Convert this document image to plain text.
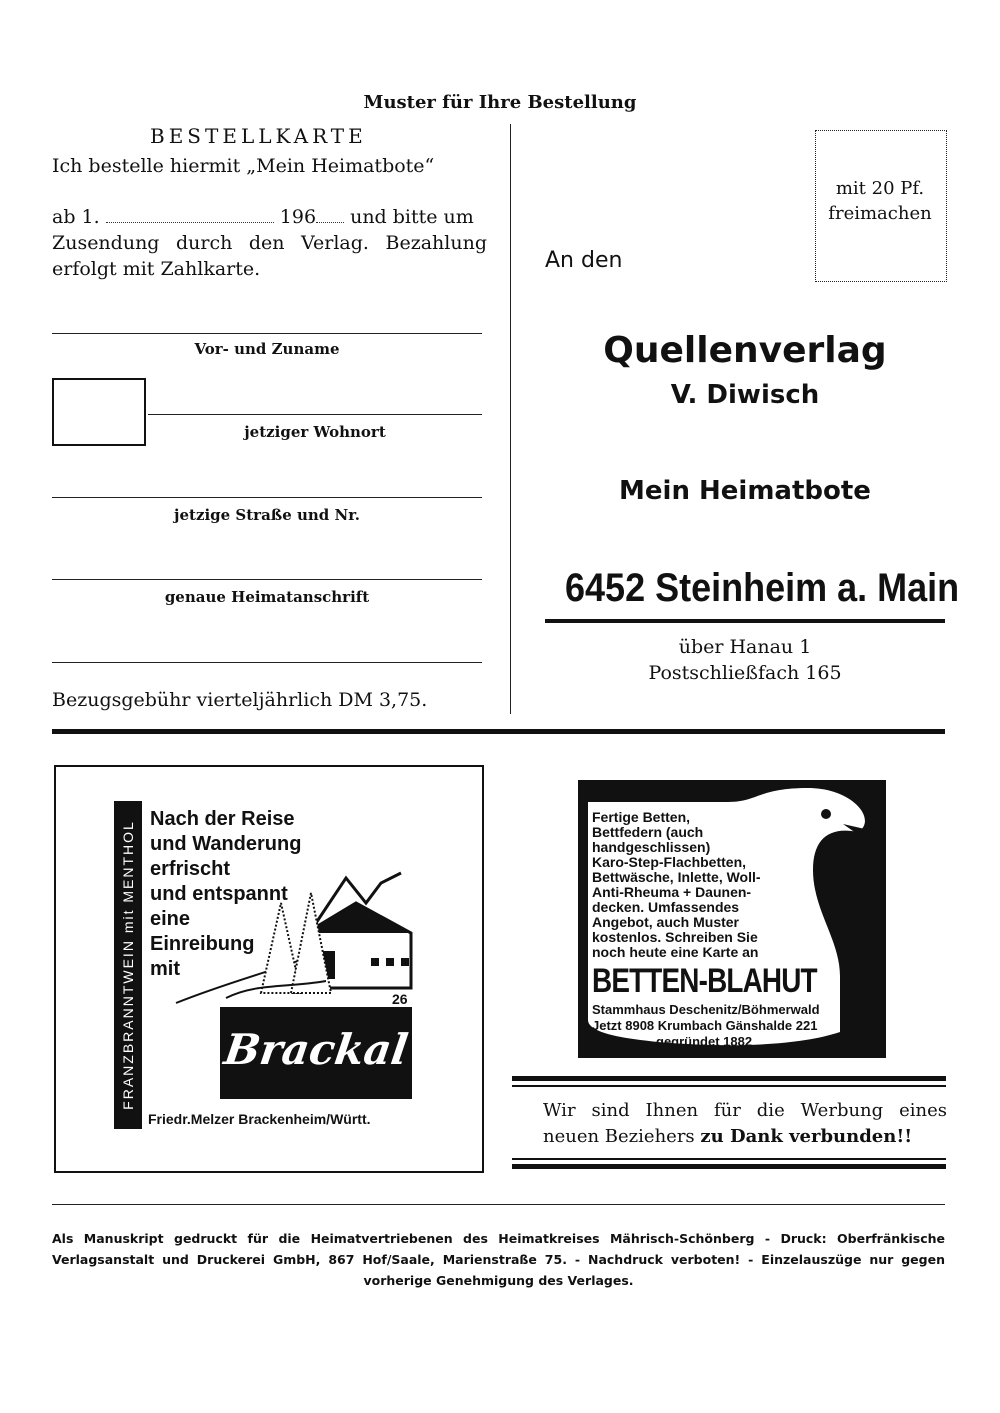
Muster für Ihre Bestellung
BESTELLKARTE
Ich bestelle hiermit „Mein Heimatbote“
ab 1.	196 und bitte um
Zusendung durch den Verlag. Bezahlung
erfolgt mit Zahlkarte.
Vor- und Zuname
jetziger Wohnort
jetzige Straße und Nr.
genaue Heimatanschrift
Bezugsgebühr vierteljährlich DM 3,75.
mit 20 Pf.
freimachen
An den
Quellenverlag
V. Diwisch
Mein Heimatbote
6452 Steinheim a. Main
über Hanau 1
Postschließfach 165
FRANZBRANNTWEIN mit MENTHOL
Nach der Reise
und Wanderung
erfrischt
und entspannt
eine
Einreibung
mit
26
Brackal
Friedr.Melzer Brackenheim/Württ.
Fertige Betten,
Bettfedern (auch
handgeschlissen)
Karo-Step-Flachbetten,
Bettwäsche, Inlette, Woll-
Anti-Rheuma + Daunen-
decken. Umfassendes
Angebot, auch Muster
kostenlos. Schreiben Sie
noch heute eine Karte an
BETTEN-BLAHUT
Stammhaus Deschenitz/Böhmerwald
Jetzt 8908 Krumbach Gänshalde 221
gegründet 1882
Wir sind Ihnen für die Werbung eines
neuen Beziehers zu Dank verbunden!!
Als Manuskript gedruckt für die Heimatvertriebenen des Heimatkreises Mährisch-Schönberg - Druck: Oberfränkische Verlagsanstalt und Druckerei GmbH, 867 Hof/Saale, Marienstraße 75. - Nachdruck verboten! - Einzelauszüge nur gegen vorherige Genehmigung des Verlages.
